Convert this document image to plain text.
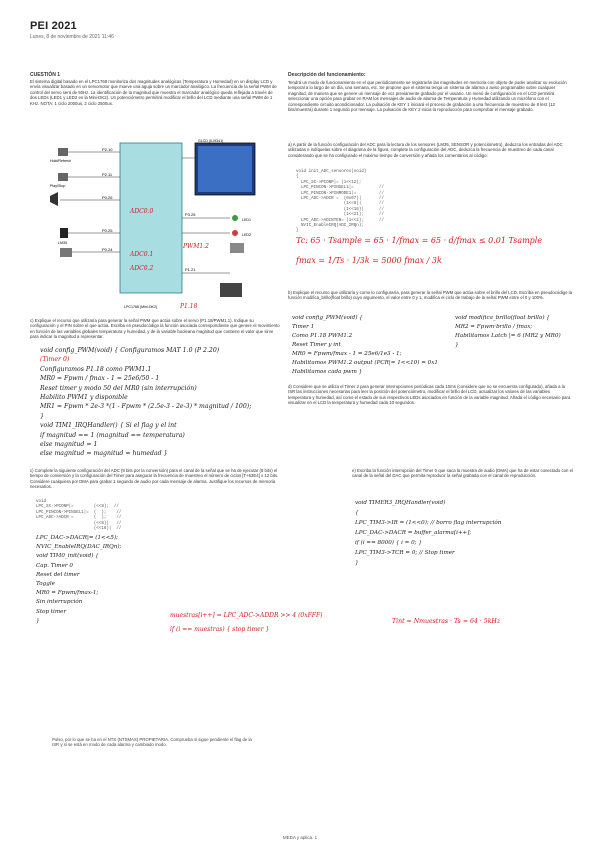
PEI 2021
Lunes, 8 de noviembre de 2021 11:46
CUESTIÓN 1
El sistema digital basado en el LPC1768 monitoriza dos magnitudes analógicas (Temperatura y Humedad) en un display LCD y envía visualizar basado en un servomotor que mueve una aguja sobre un marcador analógico. La frecuencia de la señal PWM de control del servo será de 50Hz. La identificación de la magnitud que muestra el marcador analógico queda reflejada a través de dos LEDs (LED1 y LED2 en la Mini-DK2). Un potenciómetro permitirá modificar el brillo del LCD mediante una señal PWM de 1 KHz. NOTA: 1 ciclo 2000us, 2 ciclo 2500us.
P2.10
P2.11
P0.26
P0.25
P0.24
P3.25
P1.21
Hold/Refresh
Play/Stop
GLCD (ILI9341)
LM35
LED1
LED2
LPC1768 (Mini-DK2)
ADC0.0
ADC0.1
ADC0.2
PWM1.2
P1.18
c) Explique el recurso que utilizaría para generar la señal PWM que actúa sobre el servo (P1.18/PWM1.1). Indique su configuración y el PIN sobre el que actúa. Escriba en pseudocódigo la función asociada correspondiente que genere el movimiento en función de las variables globales temperatura y humedad, y de la variable booleana magnitud que contiene el valor que sirve para indicar la magnitud a representar.
void config_PWM(void) { Configuramos MAT 1.0 (P 2.20)
(Timer 0)
Configuramos P1.18 como PWM1.1
MR0 = Fpwm / fmax - 1 = 25e6/50 - 1
Reset timer y modo 50 del MR0 (sin interrupción)
Habilito PWM1 y disponible
MR1 = Fpwm * 2e-3 *(1 - Fpwm * (2.5e-3 - 2e-3) * magnitud / 100);
}
void TIM1_IRQHandler() { Si el flag y el int
if magnitud == 1 (magnitud == temperatura)
else magnitud = 1
else magnitud = magnitud = humedad }
Descripción del funcionamiento:
Tendrá un modo de funcionamiento en el que periódicamente se registrarán las magnitudes en memoria con objeto de poder analizar su evolución temporal a lo largo de un día, una semana, etc. Se propone que el sistema tenga un sistema de alarma o aviso programable sobre cualquier magnitud, de manera que se genere un mensaje de voz previamente grabado por el usuario. Un menú de configuración en el LCD permitirá seleccionar una opción para grabar en RAM los mensajes de audio de alarma de Temperatura y Humedad utilizando un micrófono con el correspondiente circuito acondicionador. La pulsación de KEY 1 iniciará el proceso de grabación a una frecuencia de muestreo de 8 kHz (12 bits/muestra) durante 1 segundo por mensaje. La pulsación de KEY 2 inicia la reproducción para comprobar el mensaje grabado.
a) A partir de la función configuración del ADC para la lectura de los sensores (LM35, SENSOR y potenciómetro), deduzca los entradas del ADC utilizadas e indíquelas sobre el diagrama de la figura, complete la configuración del ADC, deduzca la frecuencia de muestreo de cada canal considerando que se ha configurado el máximo tiempo de conversión y añada los comentarios al código:
void init_ADC_sensores(void)
{
LPC_SC->PCONP|= (1<<12);
LPC_PINCON->PINSEL1|=          //
LPC_PINCON->PINMODE1|=         //
LPC_ADC->ADCR =  (0x07)|       //
(1<<8)|       //
(1<<16)|      //
(1<<21);      //
LPC_ADC->ADINTEN= (1<<2);      //
NVIC_EnableIRQ(ADC_IRQn);
}
Tc: 65 · Tsample = 65 · 1/fmax = 65 · d/fmax ≤ 0.01 Tsample
fmax = 1/Ts · 1/3k = 5000 fmax / 3k
b) Explique el recurso que utilizaría y como lo configuraría, para generar la señal PWM que actúa sobre el brillo del LCD. Escriba en pseudocódigo la función modifica_brillo(float brillo) cuyo argumento, el valor entre 0 y 1, modifica el ciclo de trabajo de la señal PWM entre el 0 y 100%.
void config_PWM(void) {
Timer 1
Como P1.18 PWM1.2
Reset Timer y int
MR0 = Fpwm/fmax - 1 = 25e6/1e3 - 1;
Habilitamos PWM1.2 output (PCR|= 1<<10) = 0x1
Habilitamos cada pwm }
void modifica_brillo(float brillo) {
MR2 = Fpwm·brillo / fmax;
Habilitamos Latch |= 6 (MR2 y MR0)
}
d) Considere que se utiliza el Timer 2 para generar interrupciones periódicas cada 10ms (considere que no se encuentra configurado), añada a la ISR las instrucciones necesarias para leer la posición del potenciómetro, modificar el brillo del LCD, actualizar los valores de las variables temperatura y humedad, así como el estado de sus respectivos LEDs asociados en función de la variable magnitud. Añada el código necesario para visualizar en el LCD la temperatura y humedad cada 10 segundos.
c) Complete la siguiente configuración del ADC (9 bits por la conversión) para el canal de la señal que se ha de ejecutar (8 bits) el tiempo de conversión y la configuración del Timer para asegurar la frecuencia de muestreo el número de ciclos [T+63E4] x 12 bits. Considere cualquiera por DMA para grabar 1 segundo de audio por cada mensaje de alarma. Justifique los recursos de memoria necesarios.
void
LPC_SC->PCONP|=        (<<8);  //
LPC_PINCON->PINSEL1|=  (  );    //
LPC_ADC->ADCR =        (  );    //
(<<8)|   //
(<<16)|  //
LPC_DAC->DACR|= (1<<5);
NVIC_EnableIRQ(DAC_IRQn);
void TIM0_init(void) {
Cap. Timer 0
Reset del timer
Toggle
MR0 = Fpwm/fmax-1;
Sin interrupción
Stop timer
}
muestras[i++] = LPC_ADC->ADDR >> 4 (0xFFF)
if (i == muestras) { stop timer }
e) Escriba la función interrupción del Timer 0 que saca la muestra de audio (DMA) que ha de estar conectado con el canal de la señal del DAC que permita reproducir la señal grabada con el canal de reproducción.
void TIMER3_IRQHandler(void)
{
LPC_TIM3->IR = (1<<0); // borro flag interrupción
LPC_DAC->DACR = buffer_alarma[i++];
if (i == 8000) { i = 0; }
LPC_TIM3->TCR = 0; // Stop timer
}
Tint = Nmuestras · Ts = 64 · 5kHz
Pulso, por lo que se ha en el NTS (NTSMAS) PROPIETARIA. Comprueba si sigue pendiente el flag de la ISR y si se está en modo de cada alarma y cambiado modo.
MEDA y aplica. 1
